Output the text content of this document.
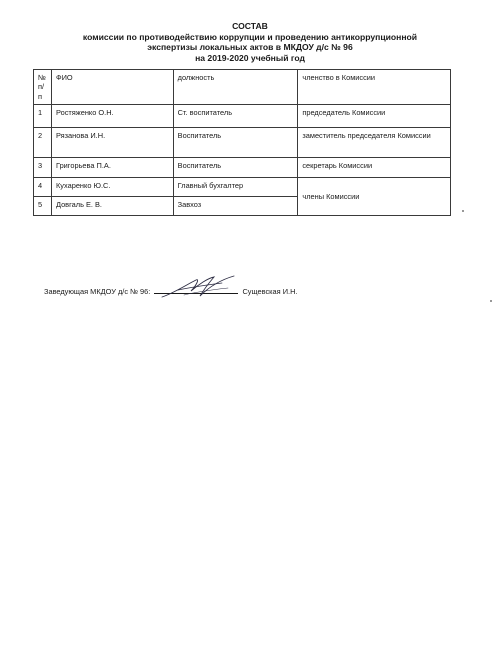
СОСТАВ
комиссии по противодействию коррупции и проведению антикоррупционной
экспертизы локальных актов в МКДОУ д/с № 96
на 2019-2020 учебный год
№
п/п	ФИО	должность	членство в Комиссии
1	Ростяженко О.Н.	Ст. воспитатель	председатель Комиссии
2	Рязанова И.Н.	Воспитатель	заместитель председателя Комиссии
3	Григорьева П.А.	Воспитатель	секретарь Комиссии
4	Кухаренко Ю.С.	Главный бухгалтер	члены Комиссии
5	Довгаль Е. В.	Завхоз	
Заведующая МКДОУ д/с № 96:	Сущевская И.Н.
